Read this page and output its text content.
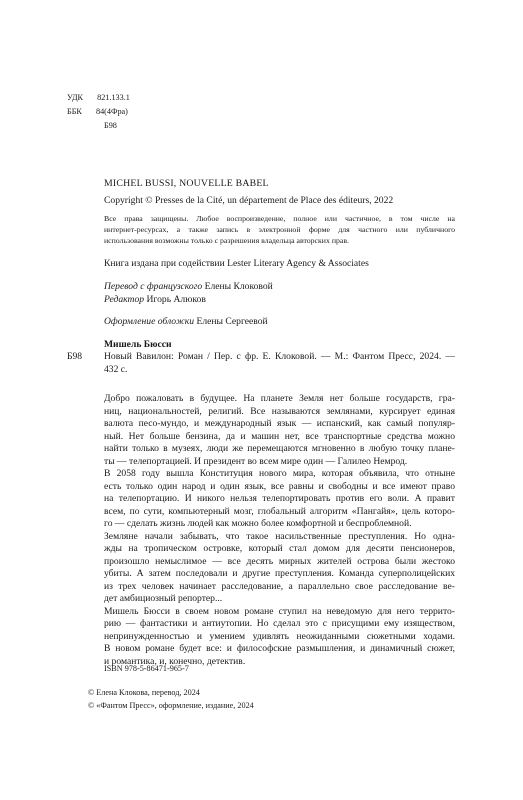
УДК 821.133.1
ББК 84(4Фра)
Б98
MICHEL BUSSI, NOUVELLE BABEL
Copyright © Presses de la Cité, un département de Place des éditeurs, 2022
Все права защищены. Любое воспроизведение, полное или частичное, в том числе на
интернет-ресурсах, а также запись в электронной форме для частного или публичного
использования возможны только с разрешения владельца авторских прав.
Книга издана при содействии Lester Literary Agency & Associates
Перевод с французского Елены Клоковой
Редактор Игорь Алюков
Оформление обложки Елены Сергеевой
Мишель Бюсси
Б98 Новый Вавилон: Роман / Пер. с фр. Е. Клоковой. — М.: Фантом Пресс, 2024. —
432 с.
Добро пожаловать в будущее. На планете Земля нет больше государств, гра-
ниц, национальностей, религий. Все называются землянами, курсирует единая
валюта песо-мундо, и международный язык — испанский, как самый популяр-
ный. Нет больше бензина, да и машин нет, все транспортные средства можно
найти только в музеях, люди же перемещаются мгновенно в любую точку плане-
ты — телепортацией. И президент во всем мире один — Галилео Немрод.
В 2058 году вышла Конституция нового мира, которая объявила, что отныне
есть только один народ и один язык, все равны и свободны и все имеют право
на телепортацию. И никого нельзя телепортировать против его воли. А правит
всем, по сути, компьютерный мозг, глобальный алгоритм «Пангайя», цель которо-
го — сделать жизнь людей как можно более комфортной и беспроблемной.
Земляне начали забывать, что такое насильственные преступления. Но одна-
жды на тропическом островке, который стал домом для десяти пенсионеров,
произошло немыслимое — все десять мирных жителей острова были жестоко
убиты. А затем последовали и другие преступления. Команда суперполицейских
из трех человек начинает расследование, а параллельно свое расследование ве-
дет амбициозный репортер...
Мишель Бюсси в своем новом романе ступил на неведомую для него террито-
рию — фантастики и антиутопии. Но сделал это с присущими ему изяществом,
непринужденностью и умением удивлять неожиданными сюжетными ходами.
В новом романе будет все: и философские размышления, и динамичный сюжет,
и романтика, и, конечно, детектив.
ISBN 978-5-86471-965-7
© Елена Клокова, перевод, 2024
© «Фантом Пресс», оформление, издание, 2024
